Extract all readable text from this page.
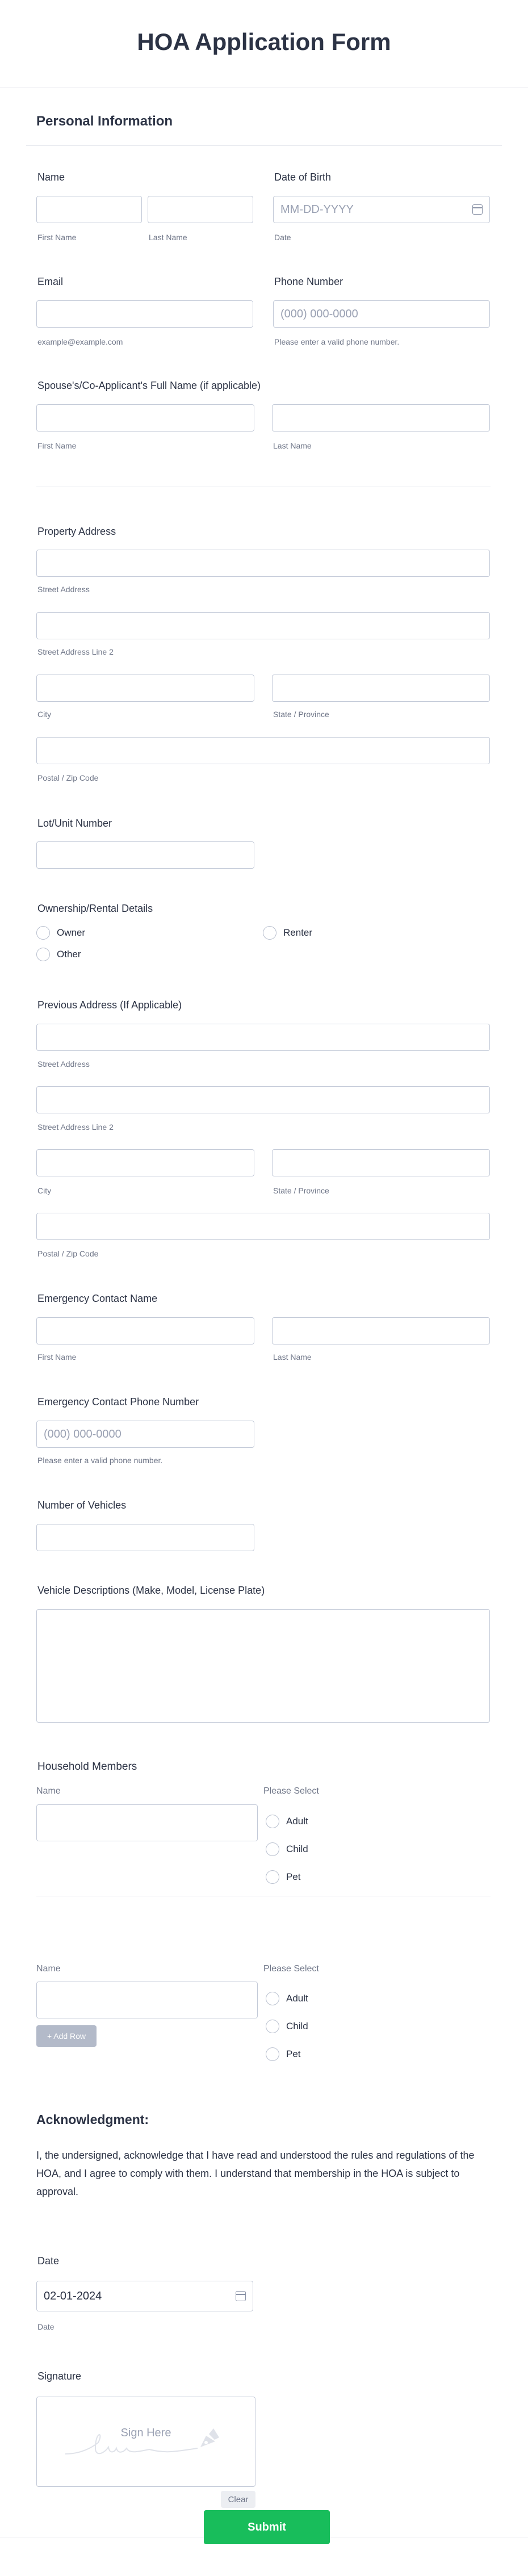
HOA Application Form
Personal Information
Name
First Name	Last Name
Date of Birth
MM-DD-YYYY
Date
Email
example@example.com
Phone Number
(000) 000-0000
Please enter a valid phone number.
Spouse's/Co-Applicant's Full Name (if applicable)
First Name	Last Name
Property Address
Street Address
Street Address Line 2
City	State / Province
Postal / Zip Code
Lot/Unit Number
Ownership/Rental Details
Owner	Renter
Other
Previous Address (If Applicable)
Street Address
Street Address Line 2
City	State / Province
Postal / Zip Code
Emergency Contact Name
First Name	Last Name
Emergency Contact Phone Number
(000) 000-0000
Please enter a valid phone number.
Number of Vehicles
Vehicle Descriptions (Make, Model, License Plate)
Household Members
Name	Please Select
Adult
Child
Pet
Name	Please Select
Adult
Child
Pet
Acknowledgment:
I, the undersigned, acknowledge that I have read and understood the rules and regulations of the HOA, and I agree to comply with them. I understand that membership in the HOA is subject to approval.
Date
02-01-2024
Date
Signature
Sign Here
Clear
+ Add Row
Submit
